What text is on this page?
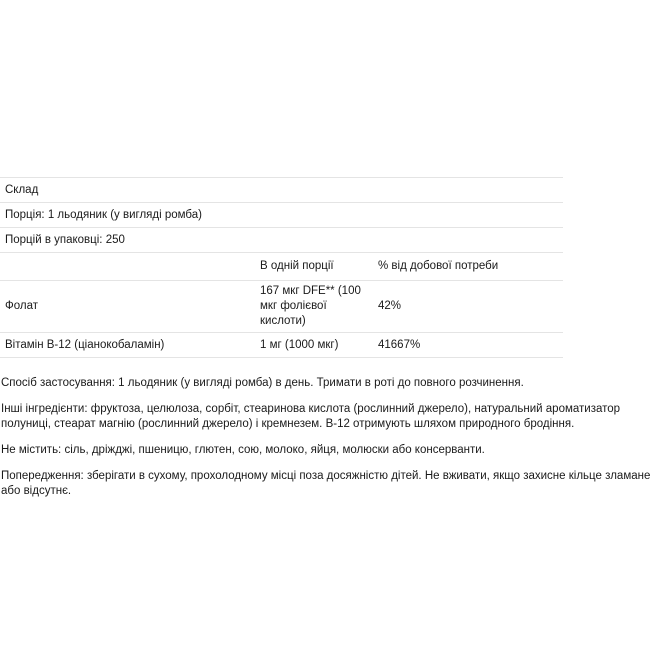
Склад		
Порція: 1 льодяник (у вигляді ромба)		
Порцій в упаковці: 250		
	В одній порції	% від добової потреби
Фолат	167 мкг DFE** (100 мкг фолієвої кислоти)	42%
Вітамін B-12 (ціанокобаламін)	1 мг (1000 мкг)	41667%

Спосіб застосування: 1 льодяник (у вигляді ромба) в день. Тримати в роті до повного розчинення.

Інші інгредієнти: фруктоза, целюлоза, сорбіт, стеаринова кислота (рослинний джерело), натуральний ароматизатор полуниці, стеарат магнію (рослинний джерело) і кремнезем. B-12 отримують шляхом природного бродіння.

Не містить: сіль, дріжджі, пшеницю, глютен, сою, молоко, яйця, молюски або консерванти.

Попередження: зберігати в сухому, прохолодному місці поза досяжністю дітей. Не вживати, якщо захисне кільце зламане або відсутнє.
